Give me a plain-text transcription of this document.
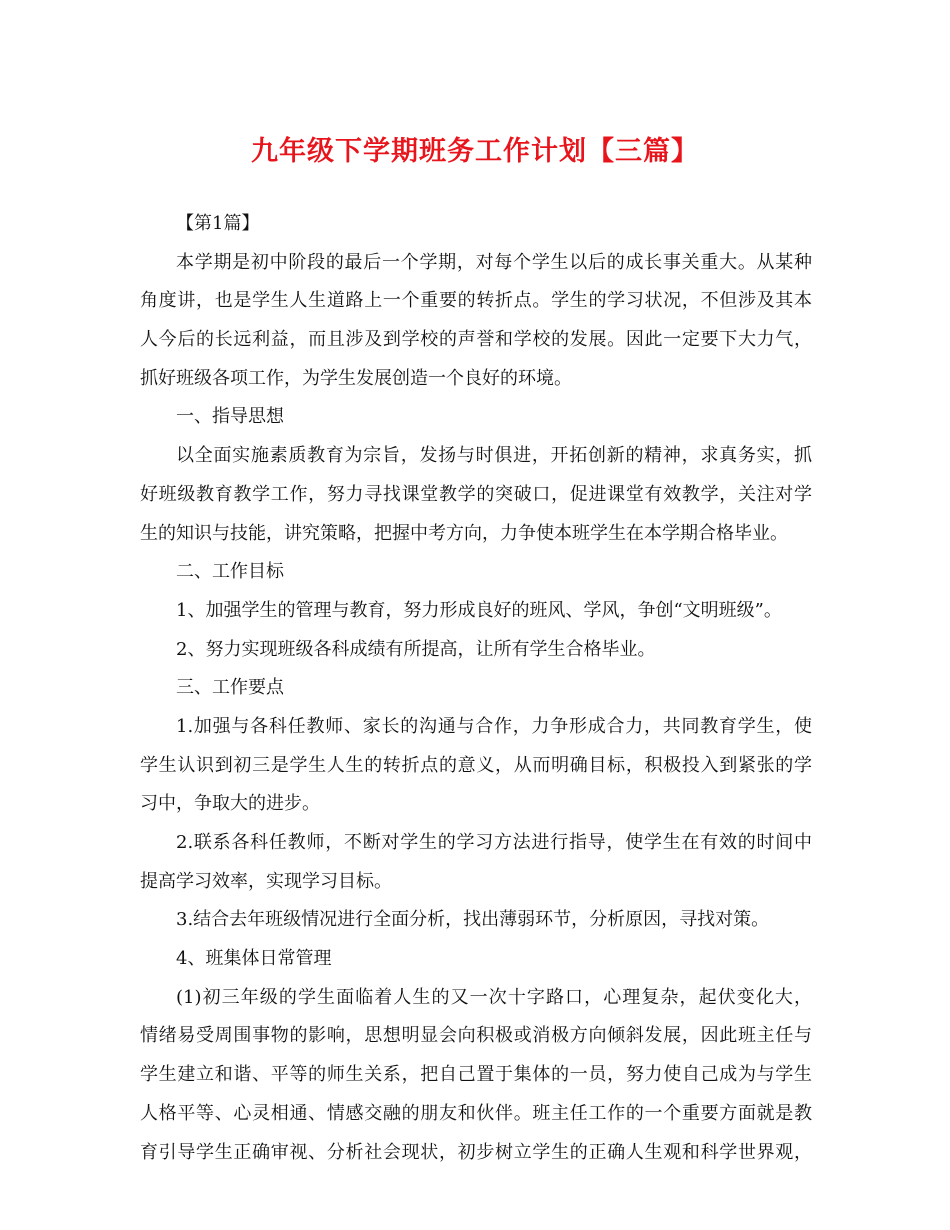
九年级下学期班务工作计划【三篇】

【第1篇】

本学期是初中阶段的最后一个学期，对每个学生以后的成长事关重大。从某种

角度讲，也是学生人生道路上一个重要的转折点。学生的学习状况，不但涉及其本

人今后的长远利益，而且涉及到学校的声誉和学校的发展。因此一定要下大力气，

抓好班级各项工作，为学生发展创造一个良好的环境。

一、指导思想

以全面实施素质教育为宗旨，发扬与时俱进，开拓创新的精神，求真务实，抓

好班级教育教学工作，努力寻找课堂教学的突破口，促进课堂有效教学，关注对学

生的知识与技能，讲究策略，把握中考方向，力争使本班学生在本学期合格毕业。

二、工作目标

1、加强学生的管理与教育，努力形成良好的班风、学风，争创“文明班级”。

2、努力实现班级各科成绩有所提高，让所有学生合格毕业。

三、工作要点

1.加强与各科任教师、家长的沟通与合作，力争形成合力，共同教育学生，使

学生认识到初三是学生人生的转折点的意义，从而明确目标，积极投入到紧张的学

习中，争取大的进步。

2.联系各科任教师，不断对学生的学习方法进行指导，使学生在有效的时间中

提高学习效率，实现学习目标。

3.结合去年班级情况进行全面分析，找出薄弱环节，分析原因，寻找对策。

4、班集体日常管理

(1)初三年级的学生面临着人生的又一次十字路口，心理复杂，起伏变化大，

情绪易受周围事物的影响，思想明显会向积极或消极方向倾斜发展，因此班主任与

学生建立和谐、平等的师生关系，把自己置于集体的一员，努力使自己成为与学生

人格平等、心灵相通、情感交融的朋友和伙伴。班主任工作的一个重要方面就是教

育引导学生正确审视、分析社会现状，初步树立学生的正确人生观和科学世界观，
